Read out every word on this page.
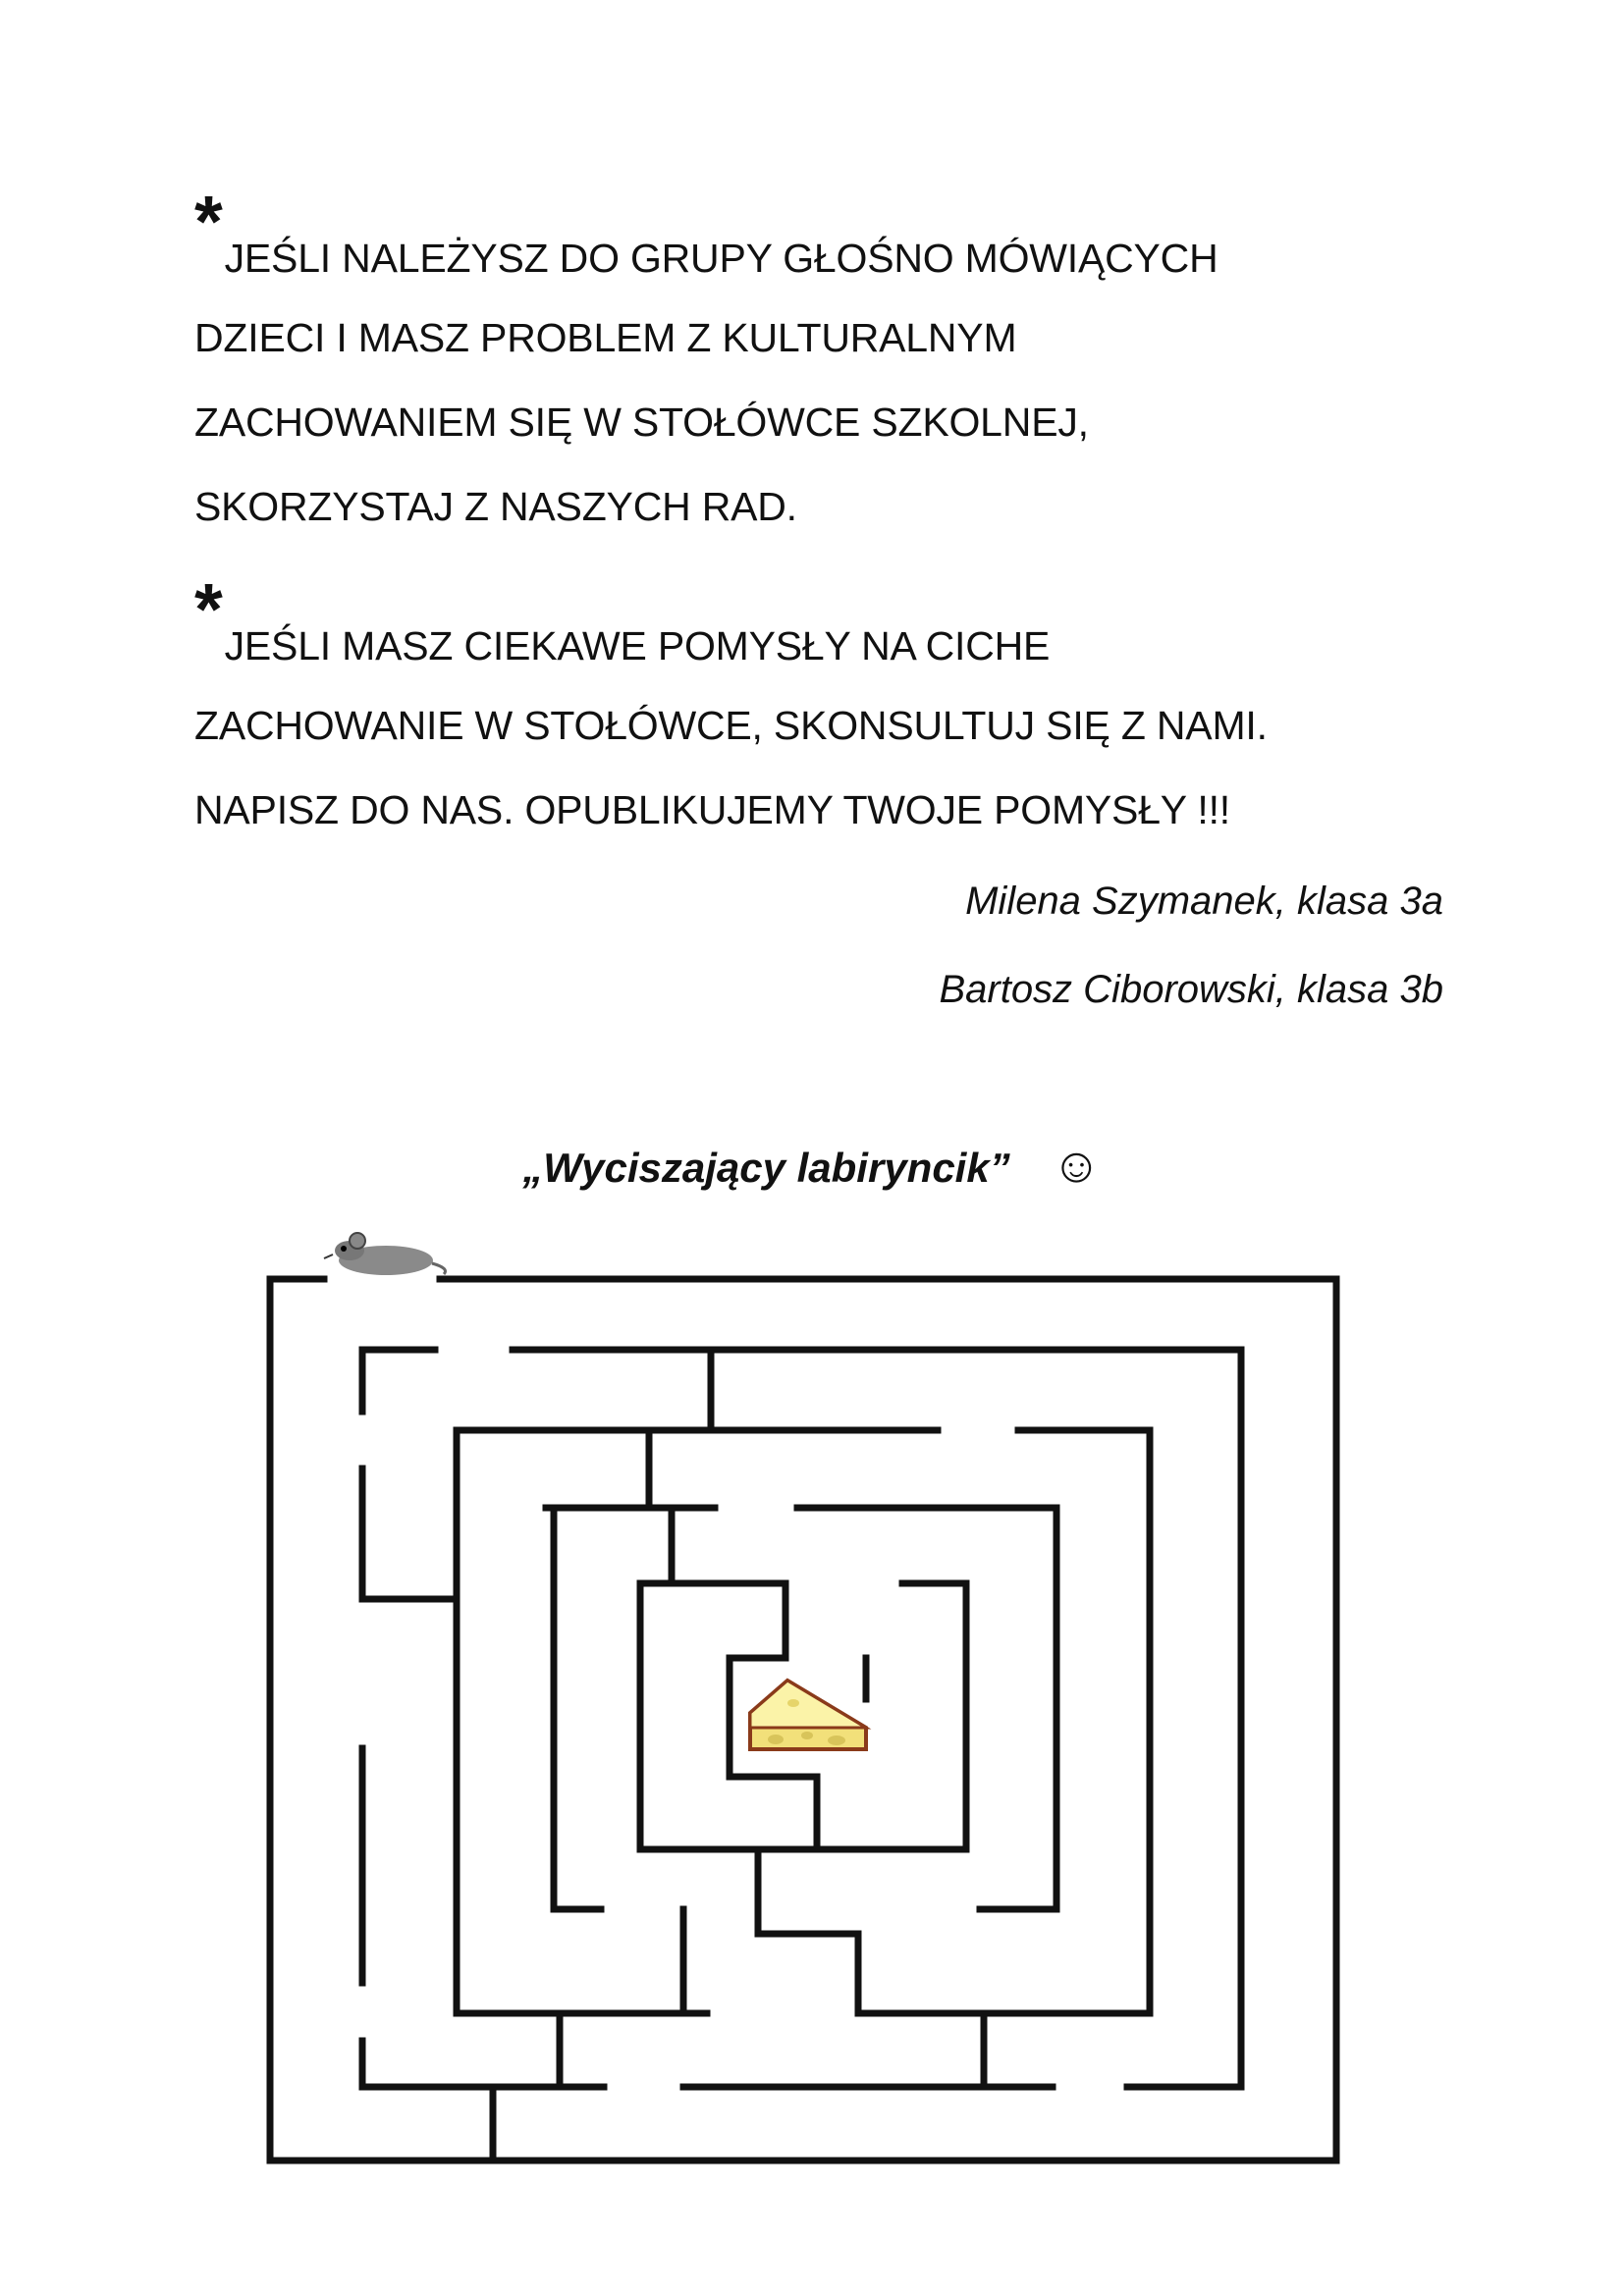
*JEŚLI NALEŻYSZ DO GRUPY GŁOŚNO MÓWIĄCYCH
DZIECI I MASZ PROBLEM Z KULTURALNYM
ZACHOWANIEM SIĘ W STOŁÓWCE SZKOLNEJ,
SKORZYSTAJ Z NASZYCH RAD.
*JEŚLI MASZ CIEKAWE POMYSŁY NA CICHE
ZACHOWANIE W STOŁÓWCE, SKONSULTUJ SIĘ Z NAMI.
NAPISZ DO NAS. OPUBLIKUJEMY TWOJE POMYSŁY !!!
Milena Szymanek, klasa 3a
Bartosz Ciborowski, klasa 3b
„Wyciszający labiryncik” ☺
